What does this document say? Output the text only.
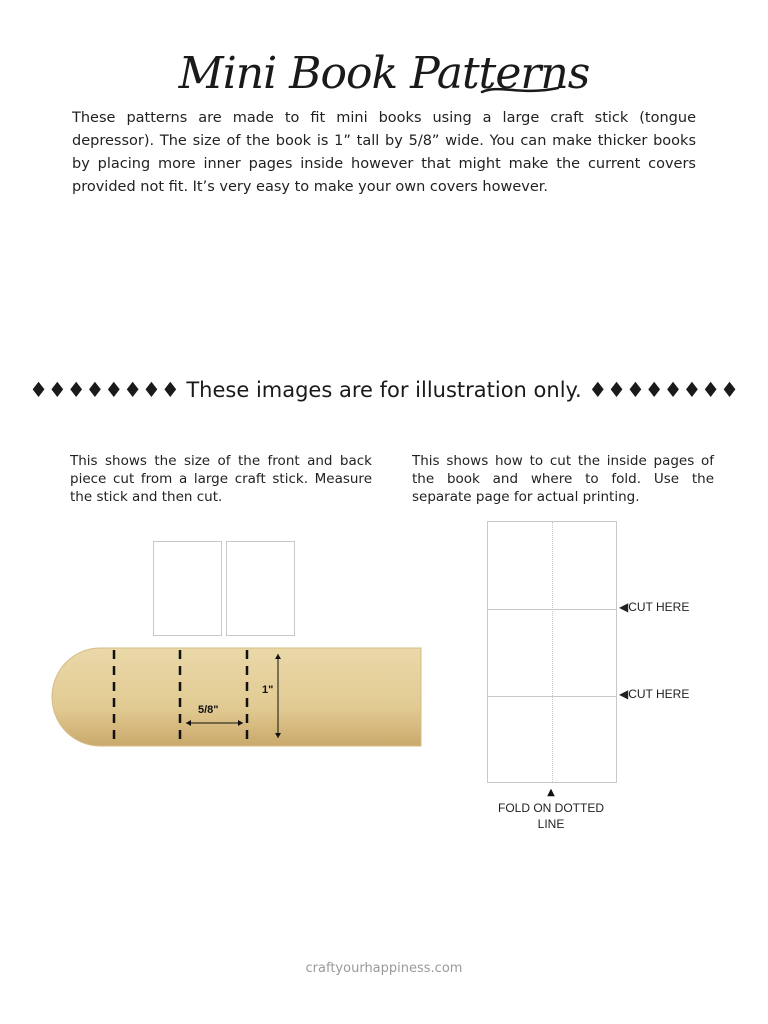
Mini Book Patterns
These patterns are made to fit mini books using a large craft stick (tongue depressor). The size of the book is 1” tall by 5/8” wide. You can make thicker books by placing more inner pages inside however that might make the current covers provided not fit. It’s very easy to make your own covers however.
♦♦♦♦♦♦♦♦ These images are for illustration only. ♦♦♦♦♦♦♦♦
This shows the size of the front and back piece cut from a large craft stick. Measure the stick and then cut.
This shows how to cut the inside pages of the book and where to fold. Use the separate page for actual printing.
5/8"
1"
◀CUT HERE
◀CUT HERE
▲
FOLD ON DOTTED LINE
craftyourhappiness.com
